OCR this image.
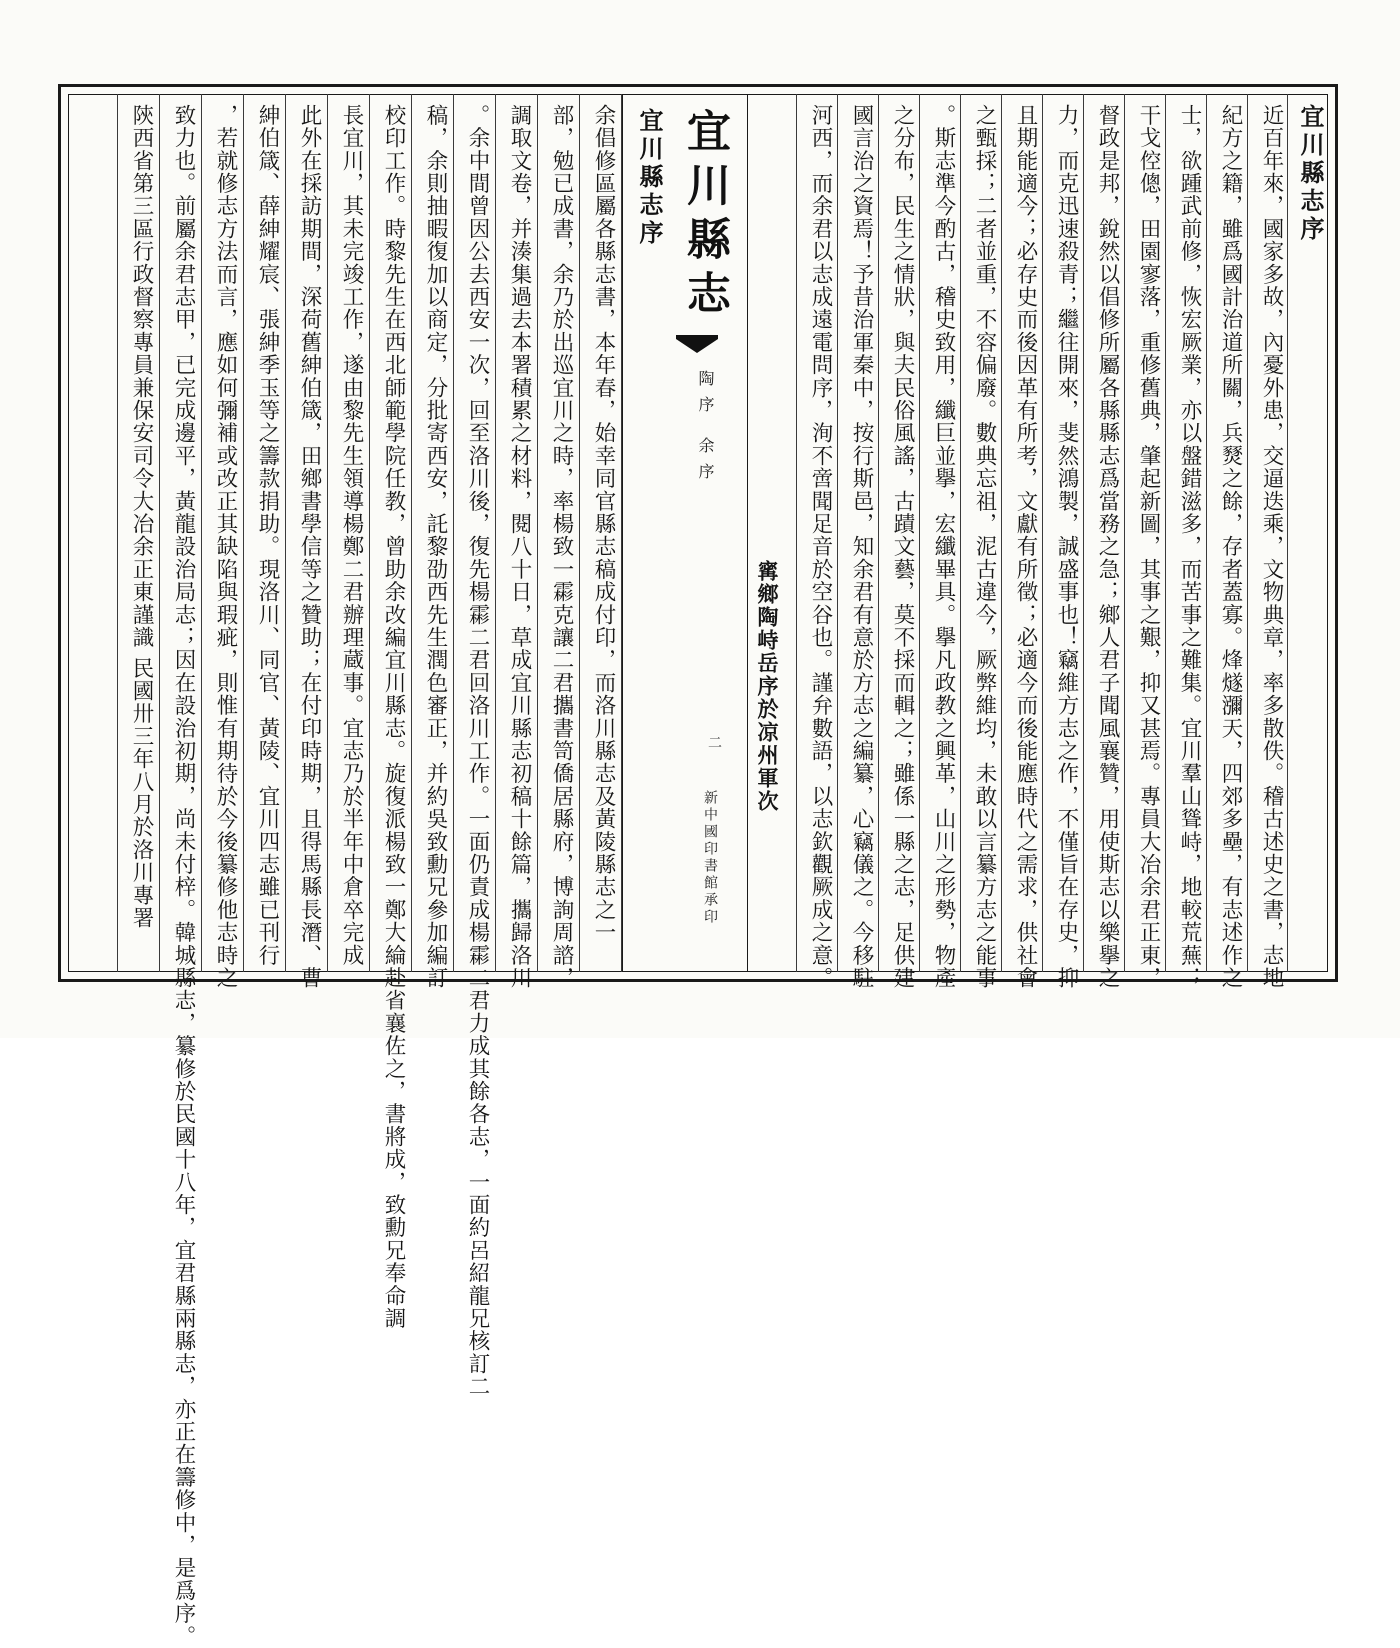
宜川縣志序
近百年來，國家多故，內憂外患，交逼迭乘，文物典章，率多散佚。稽古述史之書，志地
紀方之籍，雖爲國計治道所關，兵燹之餘，存者蓋寡。烽燧瀰天，四郊多壘，有志述作之
士，欲踵武前修，恢宏厥業，亦以盤錯滋多，而苦事之難集。宜川羣山聳峙，地較荒蕪；
干戈倥傯，田園寥落，重修舊典，肇起新圖，其事之艱，抑又甚焉。專員大冶余君正東，
督政是邦，銳然以倡修所屬各縣縣志爲當務之急；鄉人君子聞風襄贊，用使斯志以樂擧之
力，而克迅速殺青；繼往開來，斐然鴻製，誠盛事也！竊維方志之作，不僅旨在存史，抑
且期能適今；必存史而後因革有所考，文獻有所徵；必適今而後能應時代之需求，供社會
之甄採；二者並重，不容偏廢。數典忘祖，泥古違今，厥弊維均，未敢以言纂方志之能事
。斯志準今酌古，稽史致用，纖巨並擧，宏纖畢具。擧凡政教之興革，山川之形勢，物產
之分布，民生之情狀，與夫民俗風謠，古蹟文藝，莫不採而輯之；雖係一縣之志，足供建
國言治之資焉！予昔治軍秦中，按行斯邑，知余君有意於方志之編纂，心竊儀之。今移駐
河西，而余君以志成遠電問序，洵不啻聞足音於空谷也。謹弁數語，以志欽觀厥成之意。
寗鄉陶峙岳序於凉州軍次
宜川縣志序 宜川縣志
陶序 余序
二
新中國印書館承印
余倡修區屬各縣志書，本年春，始幸同官縣志稿成付印，而洛川縣志及黃陵縣志之一
部，勉已成書，余乃於出巡宜川之時，率楊致一霦克讓二君攜書笥僑居縣府，博詢周諮，
調取文卷，并湊集過去本署積累之材料，閱八十日，草成宜川縣志初稿十餘篇，攜歸洛川
。余中間曾因公去西安一次，回至洛川後，復先楊霦二君回洛川工作。一面仍責成楊霦二君力成其餘各志，一面約呂紹龍兄核訂二
稿，余則抽暇復加以商定，分批寄西安，託黎劭西先生潤色審正，并約吳致勳兄參加編訂
校印工作。時黎先生在西北師範學院任教，曾助余改編宜川縣志。旋復派楊致一鄭大綸赴省襄佐之，書將成，致勳兄奉命調
長宜川，其未完竣工作，遂由黎先生領導楊鄭二君辦理蔵事。宜志乃於半年中倉卒完成
此外在採訪期間，深荷舊紳伯箴，田鄉書學信等之贊助；在付印時期，且得馬縣長潛、曹
紳伯箴、薛紳耀宸、張紳季玉等之籌款捐助。現洛川、同官、黃陵、宜川四志雖已刊行
，若就修志方法而言，應如何彌補或改正其缺陷與瑕疵，則惟有期待於今後纂修他志時之
致力也。前屬余君志甲，已完成邊平，黃龍設治局志；因在設治初期，尚未付梓。韓城縣志，纂修於民國十八年，宜君縣兩縣志，亦正在籌修中，是爲序。
陝西省第三區行政督察專員兼保安司令大冶余正東謹識 民國卅三年八月於洛川專署
